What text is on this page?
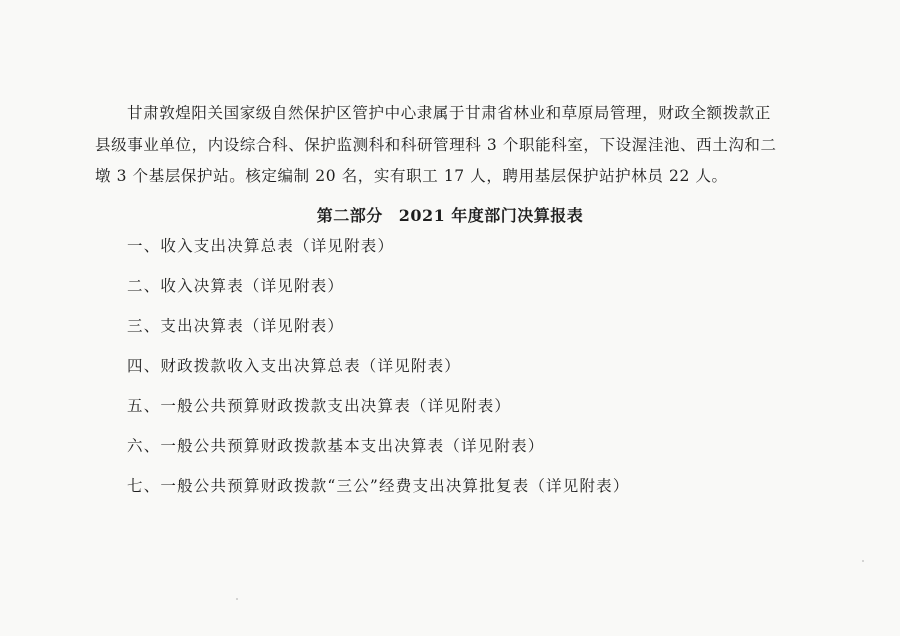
甘肃敦煌阳关国家级自然保护区管护中心隶属于甘肃省林业和草原局管理，财政全额拨款正
县级事业单位，内设综合科、保护监测科和科研管理科 3 个职能科室，下设渥洼池、西土沟和二
墩 3 个基层保护站。核定编制 20 名，实有职工 17 人，聘用基层保护站护林员 22 人。
第二部分 2021 年度部门决算报表
一、收入支出决算总表（详见附表）
二、收入决算表（详见附表）
三、支出决算表（详见附表）
四、财政拨款收入支出决算总表（详见附表）
五、一般公共预算财政拨款支出决算表（详见附表）
六、一般公共预算财政拨款基本支出决算表（详见附表）
七、一般公共预算财政拨款“三公”经费支出决算批复表（详见附表）
